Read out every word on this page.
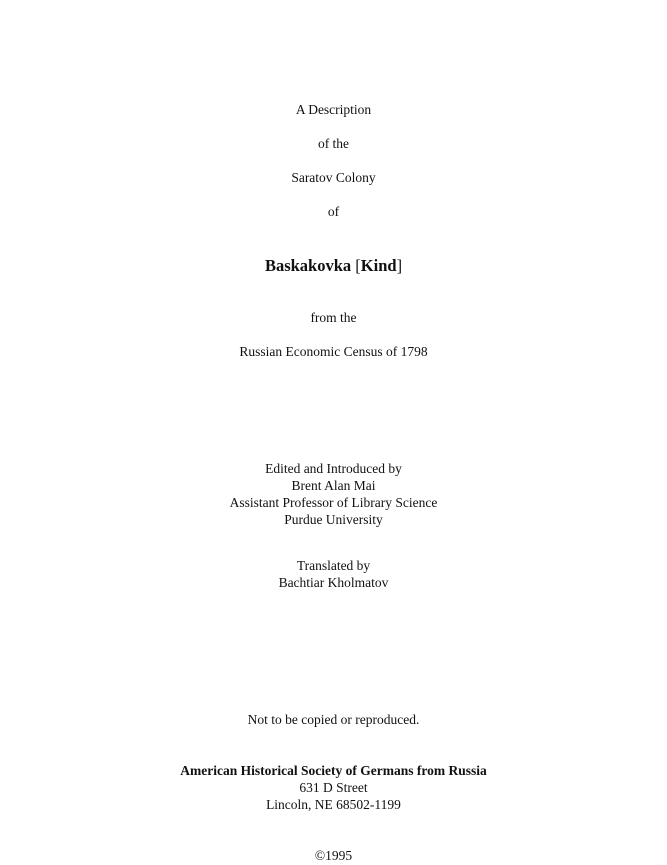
A Description
of the
Saratov Colony
of
Baskakovka [Kind]
from the
Russian Economic Census of 1798
Edited and Introduced by
Brent Alan Mai
Assistant Professor of Library Science
Purdue University
Translated by
Bachtiar Kholmatov
Not to be copied or reproduced.
American Historical Society of Germans from Russia
631 D Street
Lincoln, NE 68502-1199
©1995
